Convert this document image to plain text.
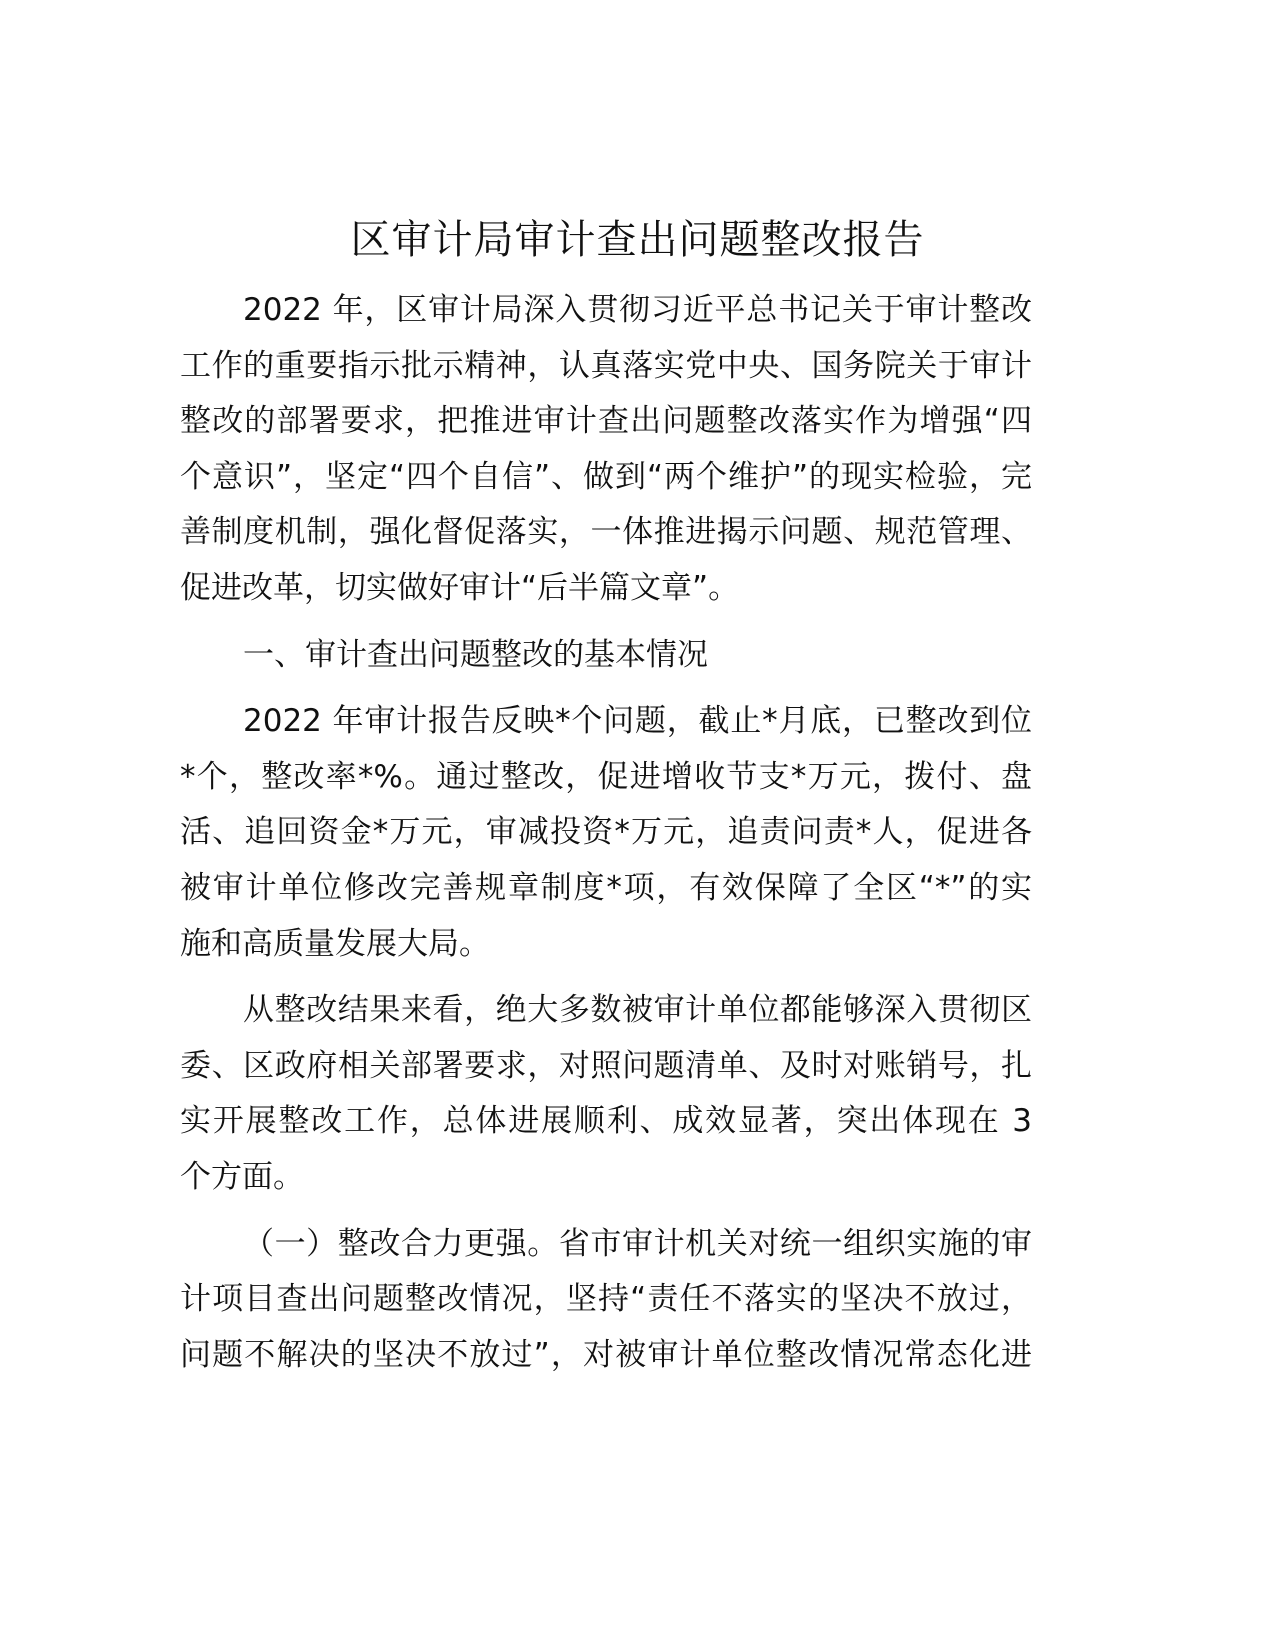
区审计局审计查出问题整改报告
2022 年，区审计局深入贯彻习近平总书记关于审计整改
工作的重要指示批示精神，认真落实党中央、国务院关于审计
整改的部署要求，把推进审计查出问题整改落实作为增强“四
个意识”，坚定“四个自信”、做到“两个维护”的现实检验，完
善制度机制，强化督促落实，一体推进揭示问题、规范管理、
促进改革，切实做好审计“后半篇文章”。
一、审计查出问题整改的基本情况
2022 年审计报告反映*个问题，截止*月底，已整改到位
*个，整改率*%。通过整改，促进增收节支*万元，拨付、盘
活、追回资金*万元，审减投资*万元，追责问责*人，促进各
被审计单位修改完善规章制度*项，有效保障了全区“*”的实
施和高质量发展大局。
从整改结果来看，绝大多数被审计单位都能够深入贯彻区
委、区政府相关部署要求，对照问题清单、及时对账销号，扎
实开展整改工作，总体进展顺利、成效显著，突出体现在 3
个方面。
（一）整改合力更强。省市审计机关对统一组织实施的审
计项目查出问题整改情况，坚持“责任不落实的坚决不放过，
问题不解决的坚决不放过”，对被审计单位整改情况常态化进
